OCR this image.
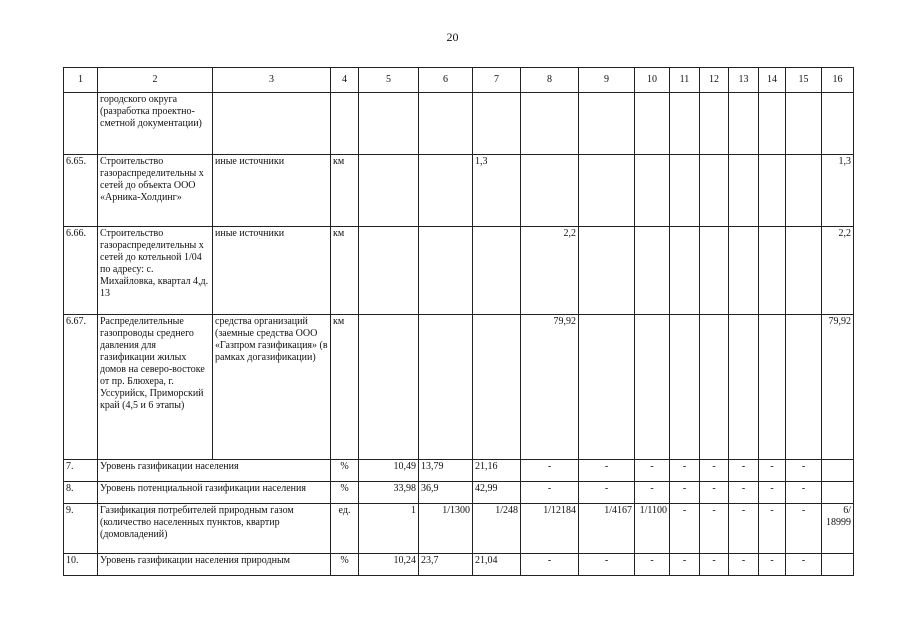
20
1	2	3	4	5	6	7	8	9	10	11	12	13	14	15	16
	городского округа (разработка проектно-сметной документации)														
6.65.	Строительство газораспределительны х сетей до объекта ООО «Арника-Холдинг»	иные источники	км			1,3									1,3
6.66.	Строительство газораспределительны х сетей до котельной 1/04 по адресу: с. Михайловка, квартал 4,д. 13	иные источники	км				2,2								2,2
6.67.	Распределительные газопроводы среднего давления для газификации жилых домов на северо-востоке от пр. Блюхера, г. Уссурийск, Приморский край (4,5 и 6 этапы)	средства организаций (заемные средства ООО «Газпром газификация» (в рамках догазификации)	км				79,92								79,92
7.	Уровень газификации населения		%	10,49	13,79	21,16	-	-	-	-	-	-	-	-	
8.	Уровень потенциальной газификации населения		%	33,98	36,9	42,99	-	-	-	-	-	-	-	-	
9.	Газификация потребителей природным газом (количество населенных пунктов, квартир (домовладений)		ед.	1	1/1300	1/248	1/12184	1/4167	1/1100	-	-	-	-	-	6/ 18999
10.	Уровень газификации населения природным		%	10,24	23,7	21,04	-	-	-	-	-	-	-	-	
